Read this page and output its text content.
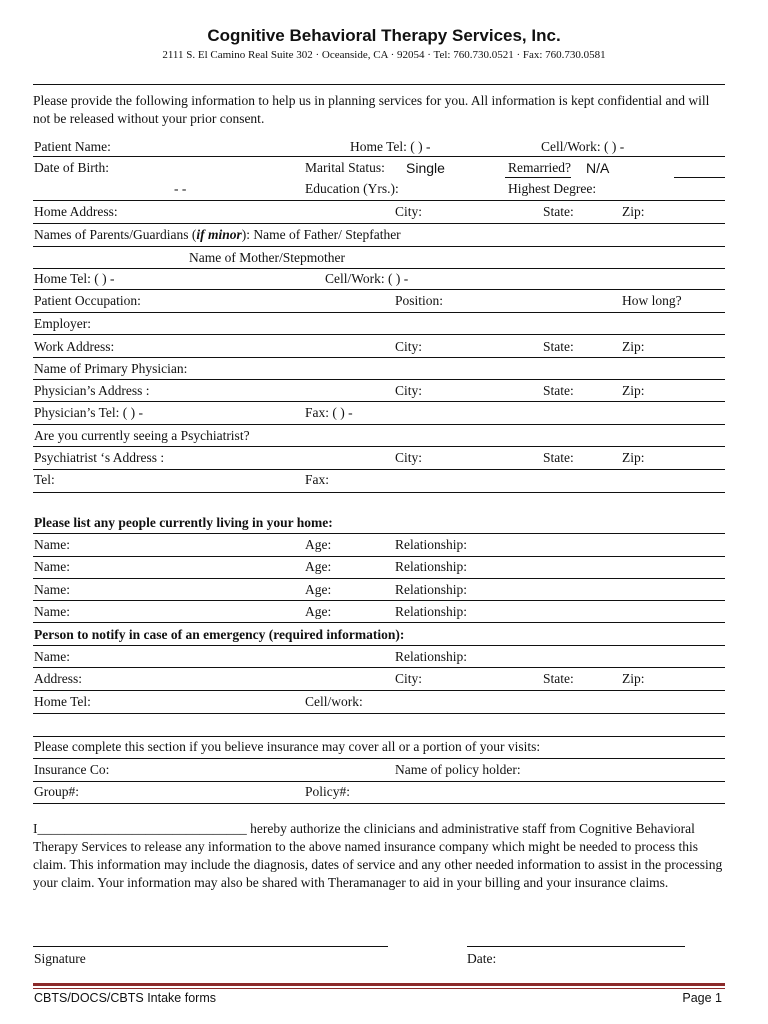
Cognitive Behavioral Therapy Services, Inc.
2111 S. El Camino Real Suite 302 · Oceanside, CA · 92054 · Tel: 760.730.0521 · Fax: 760.730.0581
Please provide the following information to help us in planning services for you. All information is kept confidential and will not be released without your prior consent.
Patient Name:	Home Tel: ( ) -	Cell/Work: ( ) -
Date of Birth:	Marital Status: Single	Remarried? N/A
- -	Education (Yrs.):	Highest Degree:
Home Address:	City:	State:	Zip:
Names of Parents/Guardians (if minor): Name of Father/ Stepfather
Name of Mother/Stepmother
Home Tel: ( ) -	Cell/Work: ( ) -
Patient Occupation:	Position:	How long?
Employer:
Work Address:	City:	State:	Zip:
Name of Primary Physician:
Physician’s Address :	City:	State:	Zip:
Physician’s Tel: ( ) -	Fax: ( ) -
Are you currently seeing a Psychiatrist?
Psychiatrist ‘s Address :	City:	State:	Zip:
Tel:	Fax:
Please list any people currently living in your home:
Name:	Age:	Relationship:
Name:	Age:	Relationship:
Name:	Age:	Relationship:
Name:	Age:	Relationship:
Person to notify in case of an emergency (required information):
Name:	Relationship:
Address:	City:	State:	Zip:
Home Tel:	Cell/work:
Please complete this section if you believe insurance may cover all or a portion of your visits:
Insurance Co:	Name of policy holder:
Group#:	Policy#:
I_______________________________ hereby authorize the clinicians and administrative staff from Cognitive Behavioral Therapy Services to release any information to the above named insurance company which might be needed to process this claim. This information may include the diagnosis, dates of service and any other needed information to assist in the processing your claim. Your information may also be shared with Theramanager to aid in your billing and your insurance claims.
Signature	Date:
CBTS/DOCS/CBTS Intake forms	Page 1
